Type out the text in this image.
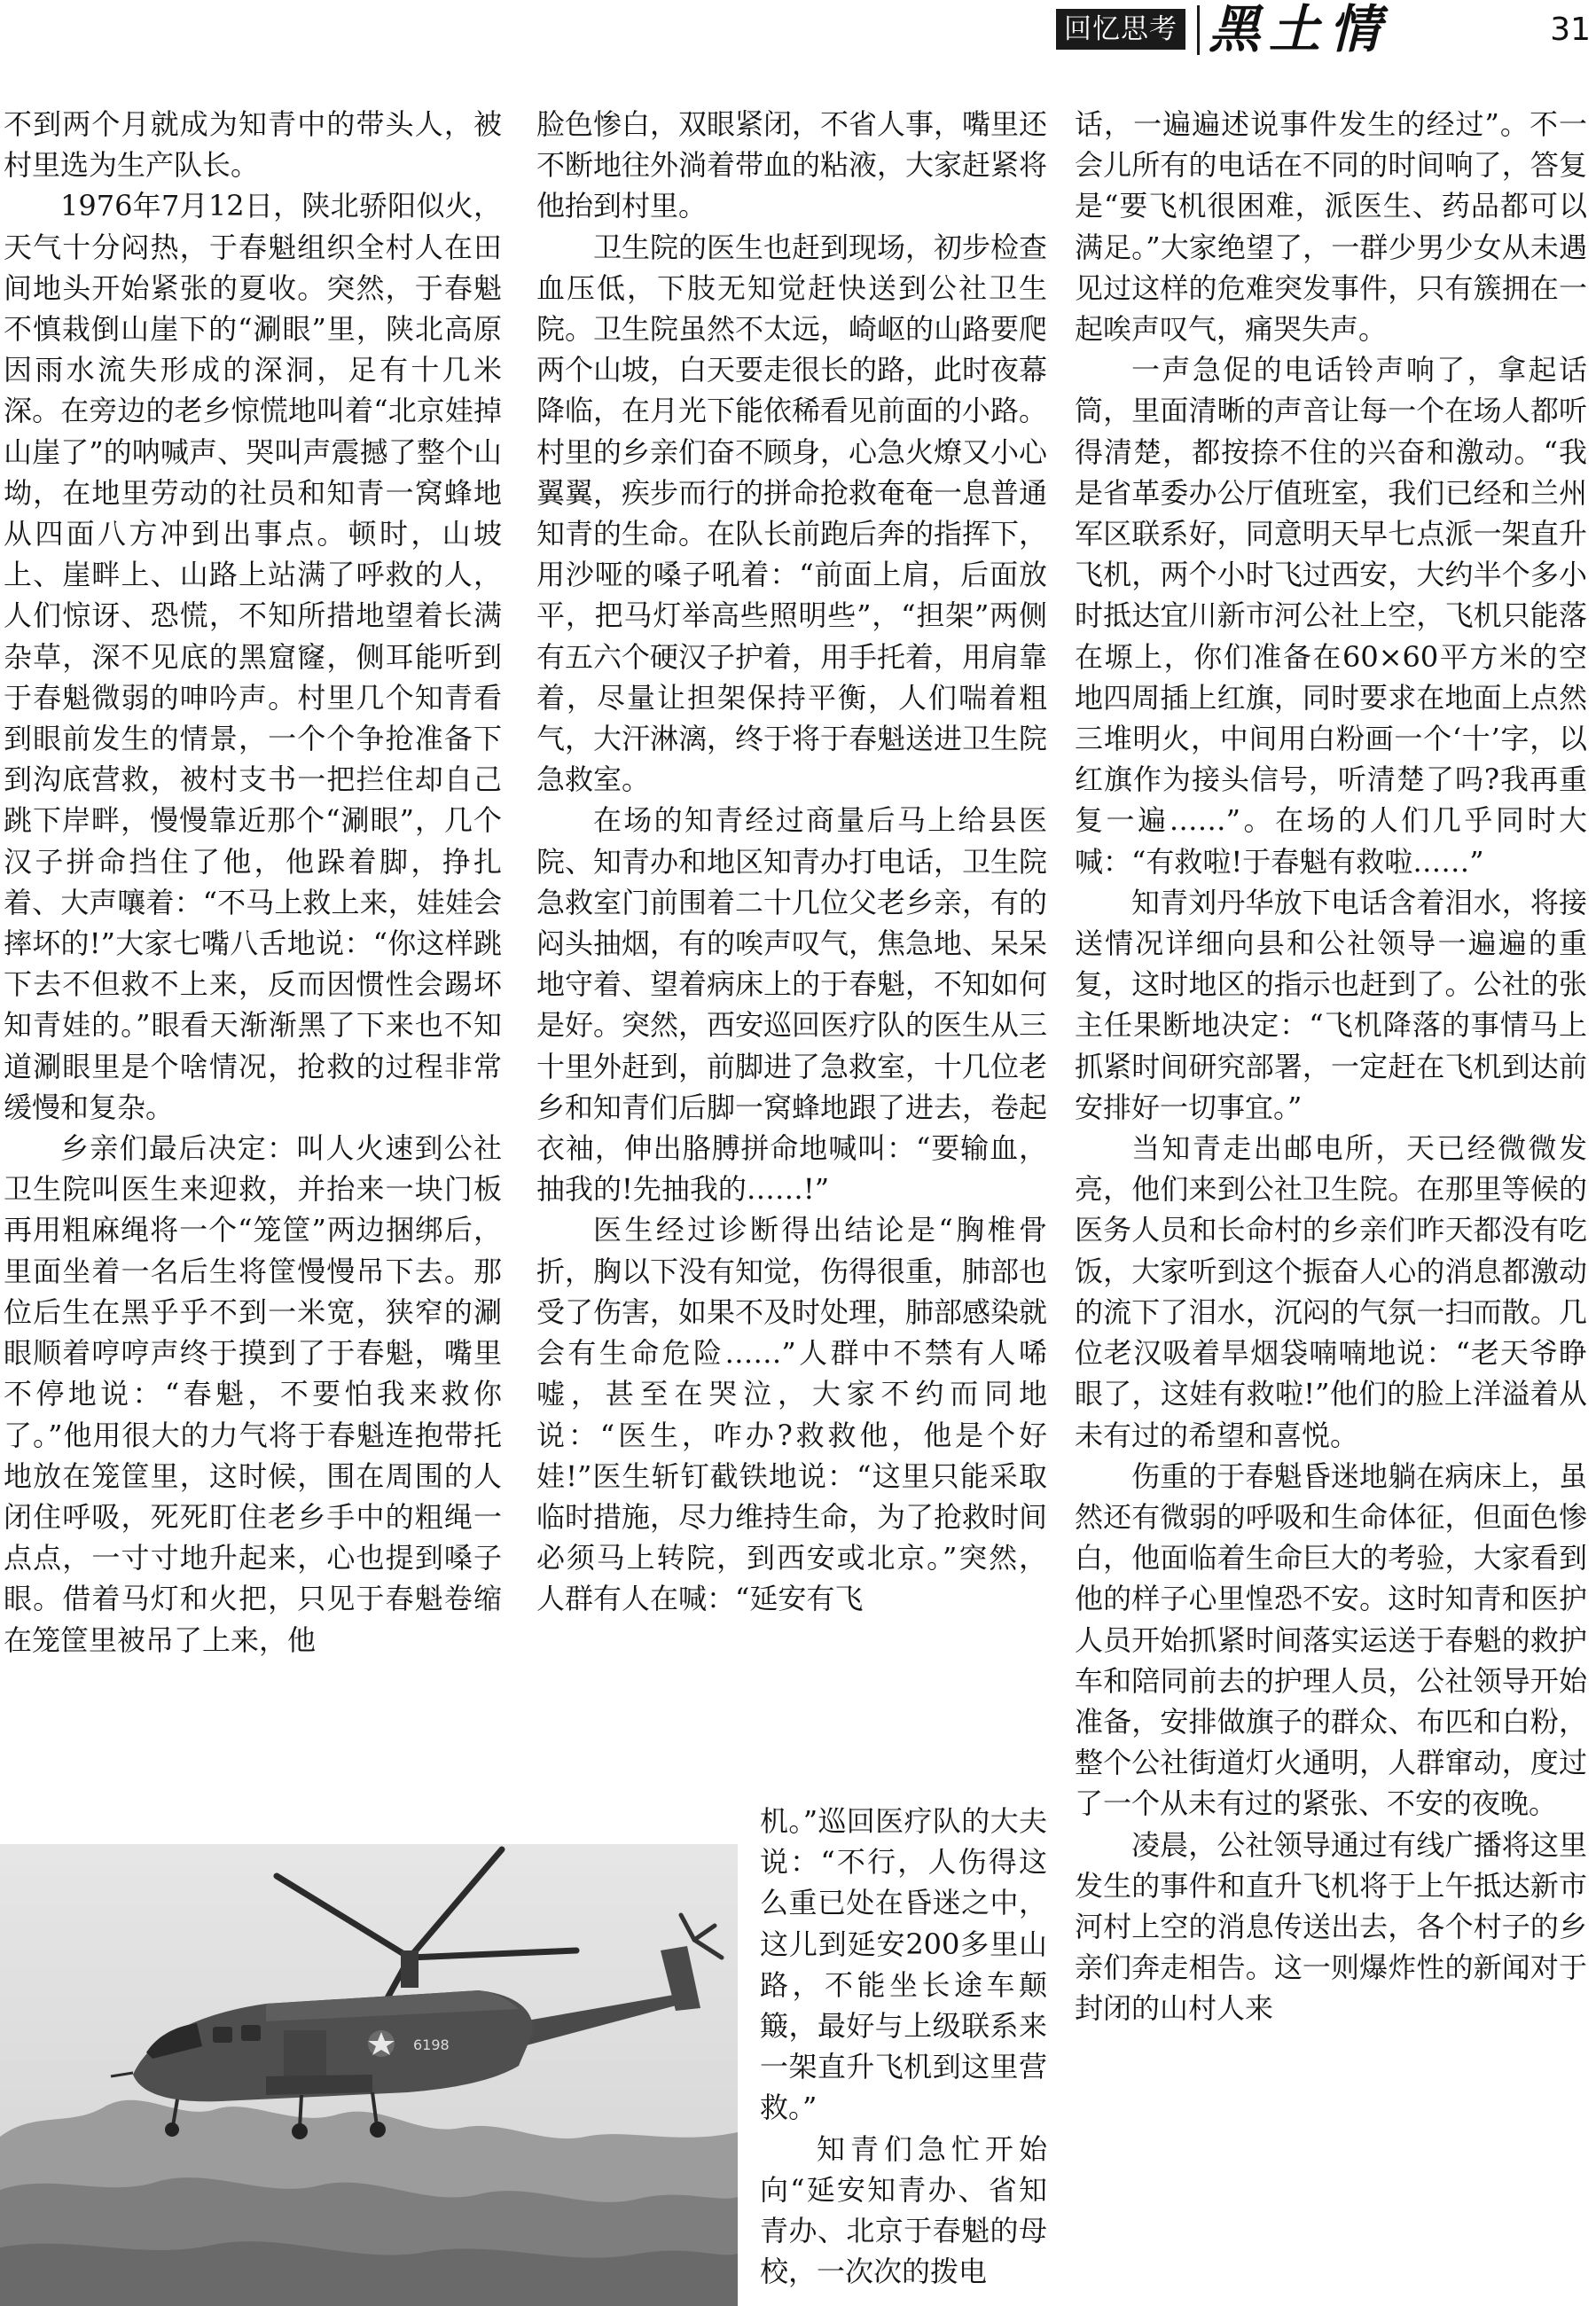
回忆思考 黑土情	31

不到两个月就成为知青中的带头人，被村里选为生产队长。

1976年7月12日，陕北骄阳似火，天气十分闷热，于春魁组织全村人在田间地头开始紧张的夏收。突然，于春魁不慎栽倒山崖下的“涮眼”里，陕北高原因雨水流失形成的深洞，足有十几米深。在旁边的老乡惊慌地叫着“北京娃掉山崖了”的呐喊声、哭叫声震撼了整个山坳，在地里劳动的社员和知青一窝蜂地从四面八方冲到出事点。顿时，山坡上、崖畔上、山路上站满了呼救的人，人们惊讶、恐慌，不知所措地望着长满杂草，深不见底的黑窟窿，侧耳能听到于春魁微弱的呻吟声。村里几个知青看到眼前发生的情景，一个个争抢准备下到沟底营救，被村支书一把拦住却自己跳下岸畔，慢慢靠近那个“涮眼”，几个汉子拼命挡住了他，他跺着脚，挣扎着、大声嚷着：“不马上救上来，娃娃会摔坏的!”大家七嘴八舌地说：“你这样跳下去不但救不上来，反而因惯性会踢坏知青娃的。”眼看天渐渐黑了下来也不知道涮眼里是个啥情况，抢救的过程非常缓慢和复杂。

乡亲们最后决定：叫人火速到公社卫生院叫医生来迎救，并抬来一块门板再用粗麻绳将一个“笼筐”两边捆绑后，里面坐着一名后生将筐慢慢吊下去。那位后生在黑乎乎不到一米宽，狭窄的涮眼顺着哼哼声终于摸到了于春魁，嘴里不停地说：“春魁，不要怕我来救你了。”他用很大的力气将于春魁连抱带托地放在笼筐里，这时候，围在周围的人闭住呼吸，死死盯住老乡手中的粗绳一点点，一寸寸地升起来，心也提到嗓子眼。借着马灯和火把，只见于春魁卷缩在笼筐里被吊了上来，他

脸色惨白，双眼紧闭，不省人事，嘴里还不断地往外淌着带血的粘液，大家赶紧将他抬到村里。

卫生院的医生也赶到现场，初步检查血压低，下肢无知觉赶快送到公社卫生院。卫生院虽然不太远，崎岖的山路要爬两个山坡，白天要走很长的路，此时夜幕降临，在月光下能依稀看见前面的小路。村里的乡亲们奋不顾身，心急火燎又小心翼翼，疾步而行的拼命抢救奄奄一息普通知青的生命。在队长前跑后奔的指挥下，用沙哑的嗓子吼着：“前面上肩，后面放平，把马灯举高些照明些”，“担架”两侧有五六个硬汉子护着，用手托着，用肩靠着，尽量让担架保持平衡，人们喘着粗气，大汗淋漓，终于将于春魁送进卫生院急救室。

在场的知青经过商量后马上给县医院、知青办和地区知青办打电话，卫生院急救室门前围着二十几位父老乡亲，有的闷头抽烟，有的唉声叹气，焦急地、呆呆地守着、望着病床上的于春魁，不知如何是好。突然，西安巡回医疗队的医生从三十里外赶到，前脚进了急救室，十几位老乡和知青们后脚一窝蜂地跟了进去，卷起衣袖，伸出胳膊拼命地喊叫：“要输血，抽我的!先抽我的……!”

医生经过诊断得出结论是“胸椎骨折，胸以下没有知觉，伤得很重，肺部也受了伤害，如果不及时处理，肺部感染就会有生命危险……”人群中不禁有人唏嘘，甚至在哭泣，大家不约而同地说：“医生，咋办?救救他，他是个好娃!”医生斩钉截铁地说：“这里只能采取临时措施，尽力维持生命，为了抢救时间必须马上转院，到西安或北京。”突然，人群有人在喊：“延安有飞

机。”巡回医疗队的大夫说：“不行，人伤得这么重已处在昏迷之中，这儿到延安200多里山路，不能坐长途车颠簸，最好与上级联系来一架直升飞机到这里营救。”

知青们急忙开始向“延安知青办、省知青办、北京于春魁的母校，一次次的拨电

话，一遍遍述说事件发生的经过”。不一会儿所有的电话在不同的时间响了，答复是“要飞机很困难，派医生、药品都可以满足。”大家绝望了，一群少男少女从未遇见过这样的危难突发事件，只有簇拥在一起唉声叹气，痛哭失声。

一声急促的电话铃声响了，拿起话筒，里面清晰的声音让每一个在场人都听得清楚，都按捺不住的兴奋和激动。“我是省革委办公厅值班室，我们已经和兰州军区联系好，同意明天早七点派一架直升飞机，两个小时飞过西安，大约半个多小时抵达宜川新市河公社上空，飞机只能落在塬上，你们准备在60×60平方米的空地四周插上红旗，同时要求在地面上点然三堆明火，中间用白粉画一个‘十’字，以红旗作为接头信号，听清楚了吗?我再重复一遍……”。在场的人们几乎同时大喊：“有救啦!于春魁有救啦……”

知青刘丹华放下电话含着泪水，将接送情况详细向县和公社领导一遍遍的重复，这时地区的指示也赶到了。公社的张主任果断地决定：“飞机降落的事情马上抓紧时间研究部署，一定赶在飞机到达前安排好一切事宜。”

当知青走出邮电所，天已经微微发亮，他们来到公社卫生院。在那里等候的医务人员和长命村的乡亲们昨天都没有吃饭，大家听到这个振奋人心的消息都激动的流下了泪水，沉闷的气氛一扫而散。几位老汉吸着旱烟袋喃喃地说：“老天爷睁眼了，这娃有救啦!”他们的脸上洋溢着从未有过的希望和喜悦。

伤重的于春魁昏迷地躺在病床上，虽然还有微弱的呼吸和生命体征，但面色惨白，他面临着生命巨大的考验，大家看到他的样子心里惶恐不安。这时知青和医护人员开始抓紧时间落实运送于春魁的救护车和陪同前去的护理人员，公社领导开始准备，安排做旗子的群众、布匹和白粉，整个公社街道灯火通明，人群窜动，度过了一个从未有过的紧张、不安的夜晚。

凌晨，公社领导通过有线广播将这里发生的事件和直升飞机将于上午抵达新市河村上空的消息传送出去，各个村子的乡亲们奔走相告。这一则爆炸性的新闻对于封闭的山村人来

6198
